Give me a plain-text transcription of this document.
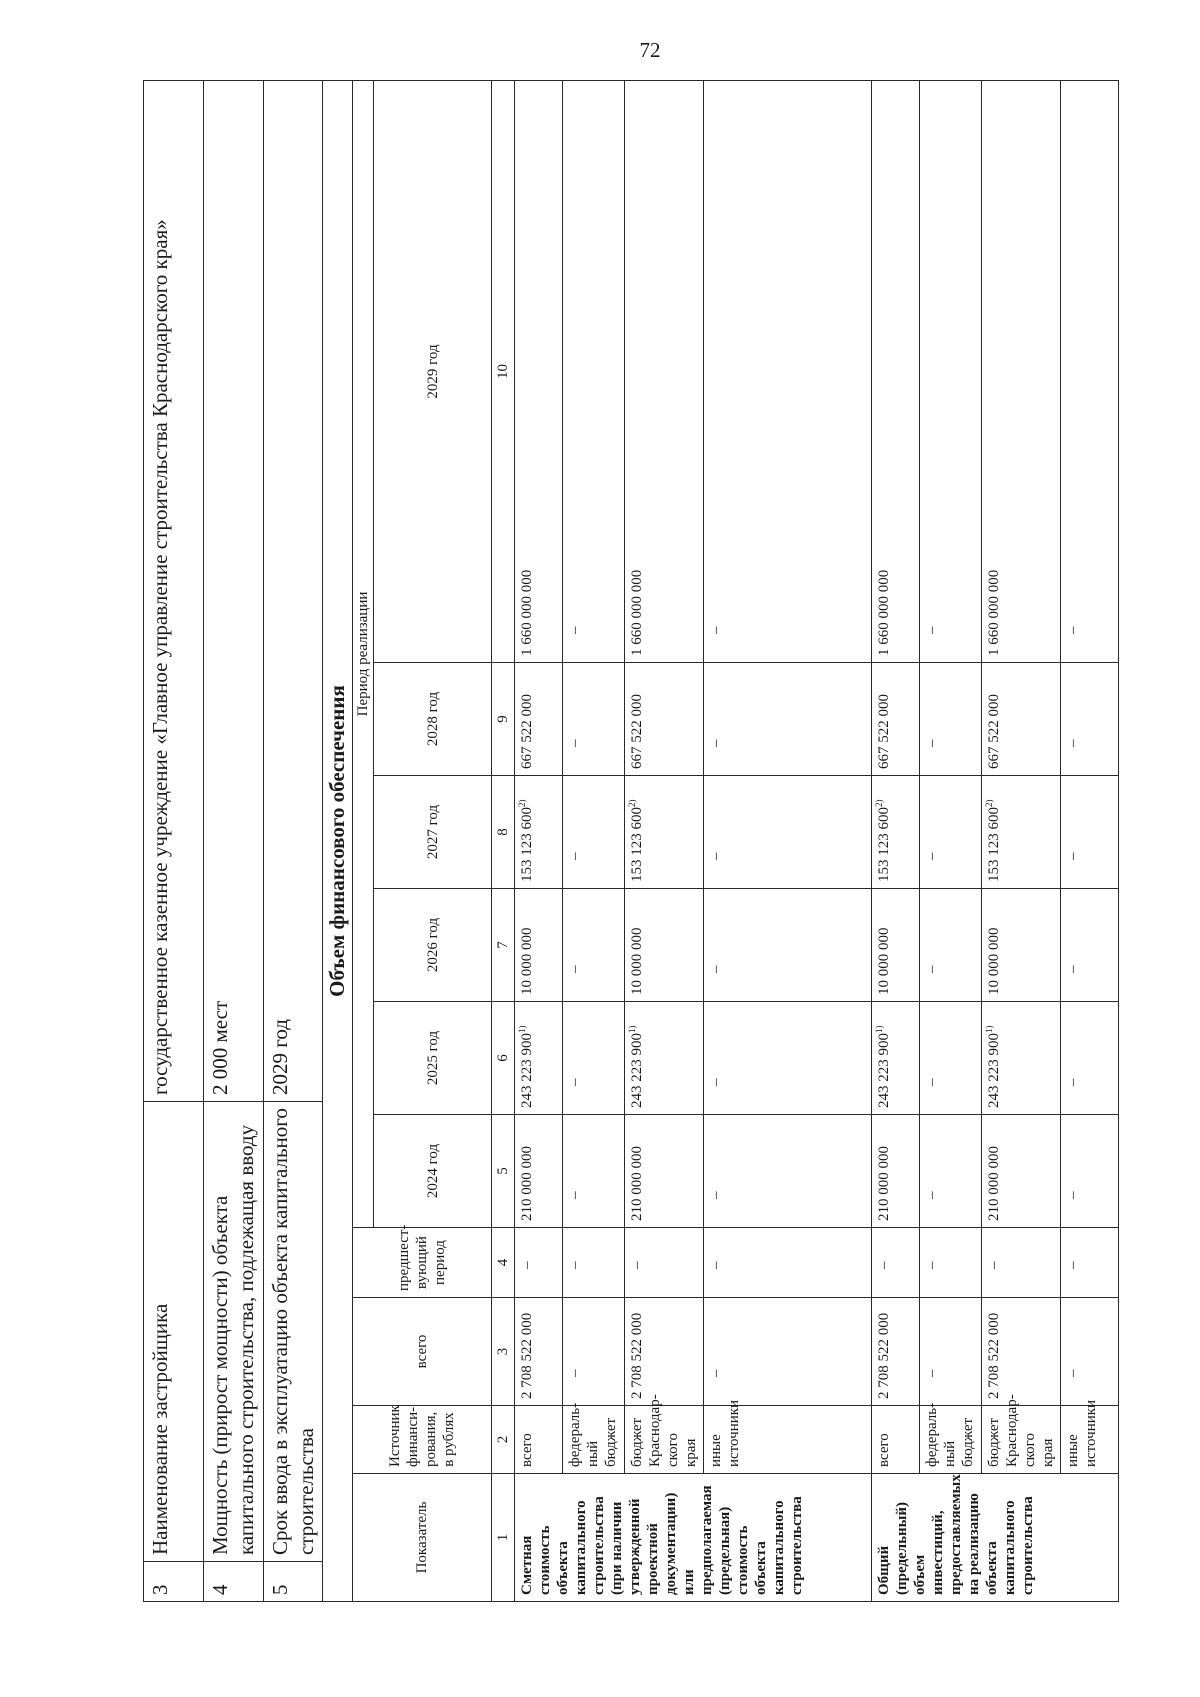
72
3	Наименование застройщика	государственное казенное учреждение «Главное управление строительства Краснодарского края»
4	Мощность (прирост мощности) объекта капитального строительства, подлежащая вводу	2 000 мест
5	Срок ввода в эксплуатацию объекта капитального строительства	2029 год
Объем финансового обеспечения
Показатель	Источник финанси-рования, в рублях	всего	предшест-вующий период	Период реализации					
				2024 год	2025 год	2026 год	2027 год	2028 год	2029 год
1	2	3	4	5	6	7	8	9	10
Сметная стоимость объекта капитального строительства (при наличии утвержденной проектной документации) или предполагаемая (предельная) стоимость объекта капитального строительства	всего	2 708 522 000	–	210 000 000	243 223 900$^{1)}$	10 000 000	153 123 600$^{2)}$	667 522 000	1 660 000 000
	федераль-ный бюджет	–	–	–	–	–	–	–	–
	бюджет Краснодар-ского края	2 708 522 000	–	210 000 000	243 223 900$^{1)}$	10 000 000	153 123 600$^{2)}$	667 522 000	1 660 000 000
	иные источники	–	–	–	–	–	–	–	–
Общий (предельный) объем инвестиций, предоставляемых на реализацию объекта капитального строительства	всего	2 708 522 000	–	210 000 000	243 223 900$^{1)}$	10 000 000	153 123 600$^{2)}$	667 522 000	1 660 000 000
	федераль-ный бюджет	–	–	–	–	–	–	–	–
	бюджет Краснодар-ского края	2 708 522 000	–	210 000 000	243 223 900$^{1)}$	10 000 000	153 123 600$^{2)}$	667 522 000	1 660 000 000
	иные источники	–	–	–	–	–	–	–	–
